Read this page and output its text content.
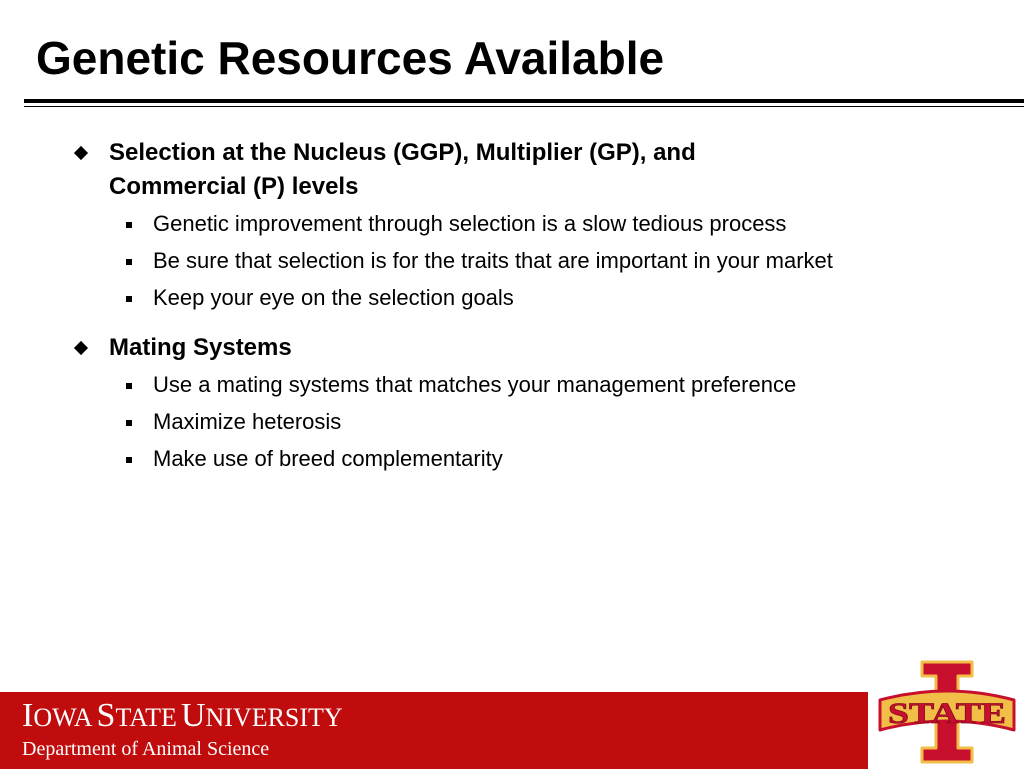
Genetic Resources Available
Selection at the Nucleus (GGP), Multiplier (GP), and Commercial (P) levels
Genetic improvement through selection is a slow tedious process
Be sure that selection is for the traits that are important in your market
Keep your eye on the selection goals
Mating Systems
Use a mating systems that matches your management preference
Maximize heterosis
Make use of breed complementarity
IOWA STATE UNIVERSITY
Department of Animal Science
STATE
